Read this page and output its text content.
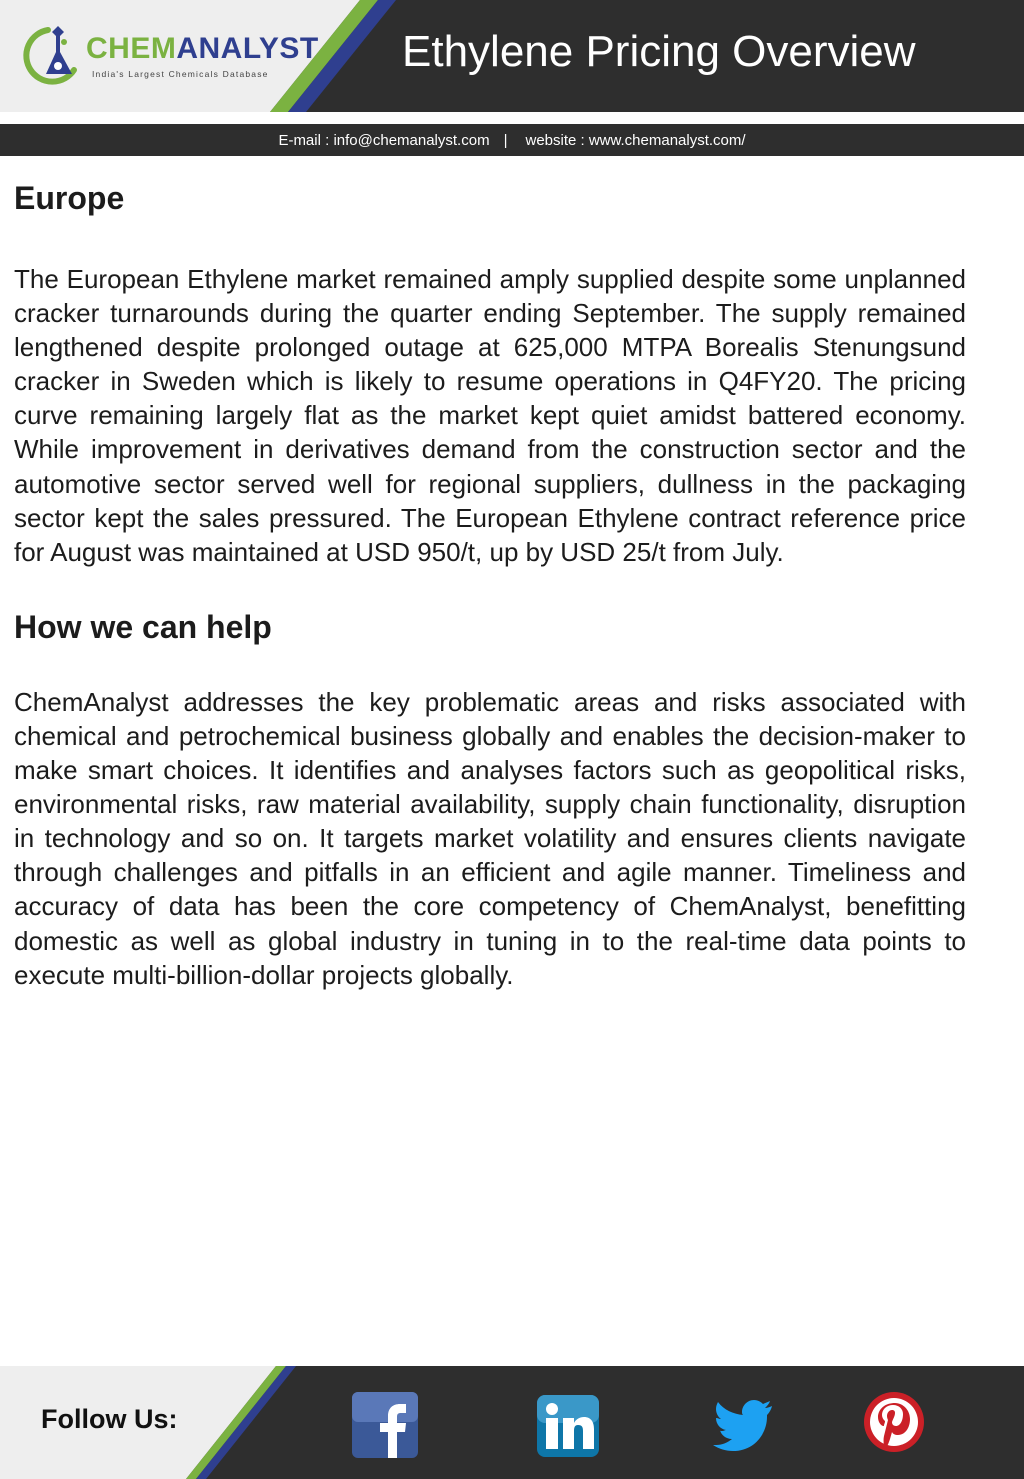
CHEMANALYST
India's Largest Chemicals Database	Ethylene Pricing Overview
E-mail : info@chemanalyst.com | website : www.chemanalyst.com/
Europe

The European Ethylene market remained amply supplied despite some unplanned cracker turnarounds during the quarter ending September. The supply remained lengthened despite prolonged outage at 625,000 MTPA Borealis Stenungsund cracker in Sweden which is likely to resume operations in Q4FY20. The pricing curve remaining largely flat as the market kept quiet amidst battered economy. While improvement in derivatives demand from the construction sector and the automotive sector served well for regional suppliers, dullness in the packaging sector kept the sales pressured. The European Ethylene contract reference price for August was maintained at USD 950/t, up by USD 25/t from July.

How we can help

ChemAnalyst addresses the key problematic areas and risks associated with chemical and petrochemical business globally and enables the decision-maker to make smart choices. It identifies and analyses factors such as geopolitical risks, environmental risks, raw material availability, supply chain functionality, disruption in technology and so on. It targets market volatility and ensures clients navigate through challenges and pitfalls in an efficient and agile manner. Timeliness and accuracy of data has been the core competency of ChemAnalyst, benefitting domestic as well as global industry in tuning in to the real-time data points to execute multi-billion-dollar projects globally.

Follow Us:
